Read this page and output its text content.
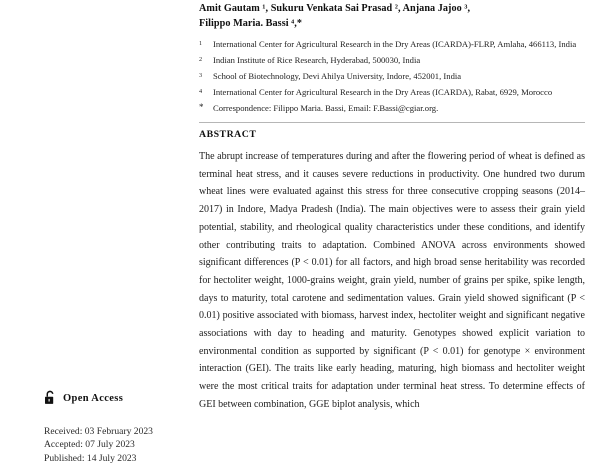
Open Access
Received: 03 February 2023
Accepted: 07 July 2023
Published: 14 July 2023
Amit Gautam ¹, Sukuru Venkata Sai Prasad ², Anjana Jajoo ³,
Filippo Maria. Bassi ⁴,*
1	International Center for Agricultural Research in the Dry Areas (ICARDA)-FLRP, Amlaha, 466113, India
2	Indian Institute of Rice Research, Hyderabad, 500030, India
3	School of Biotechnology, Devi Ahilya University, Indore, 452001, India
4	International Center for Agricultural Research in the Dry Areas (ICARDA), Rabat, 6929, Morocco
*	Correspondence: Filippo Maria. Bassi, Email: F.Bassi@cgiar.org.
ABSTRACT
The abrupt increase of temperatures during and after the flowering period of wheat is defined as terminal heat stress, and it causes severe reductions in productivity. One hundred two durum wheat lines were evaluated against this stress for three consecutive cropping seasons (2014–2017) in Indore, Madya Pradesh (India). The main objectives were to assess their grain yield potential, stability, and rheological quality characteristics under these conditions, and identify other contributing traits to adaptation. Combined ANOVA across environments showed significant differences (P < 0.01) for all factors, and high broad sense heritability was recorded for hectoliter weight, 1000-grains weight, grain yield, number of grains per spike, spike length, days to maturity, total carotene and sedimentation values. Grain yield showed significant (P < 0.01) positive associated with biomass, harvest index, hectoliter weight and significant negative associations with day to heading and maturity. Genotypes showed explicit variation to environmental condition as supported by significant (P < 0.01) for genotype × environment interaction (GEI). The traits like early heading, maturing, high biomass and hectoliter weight were the most critical traits for adaptation under terminal heat stress. To determine effects of GEI between combination, GGE biplot analysis, which
